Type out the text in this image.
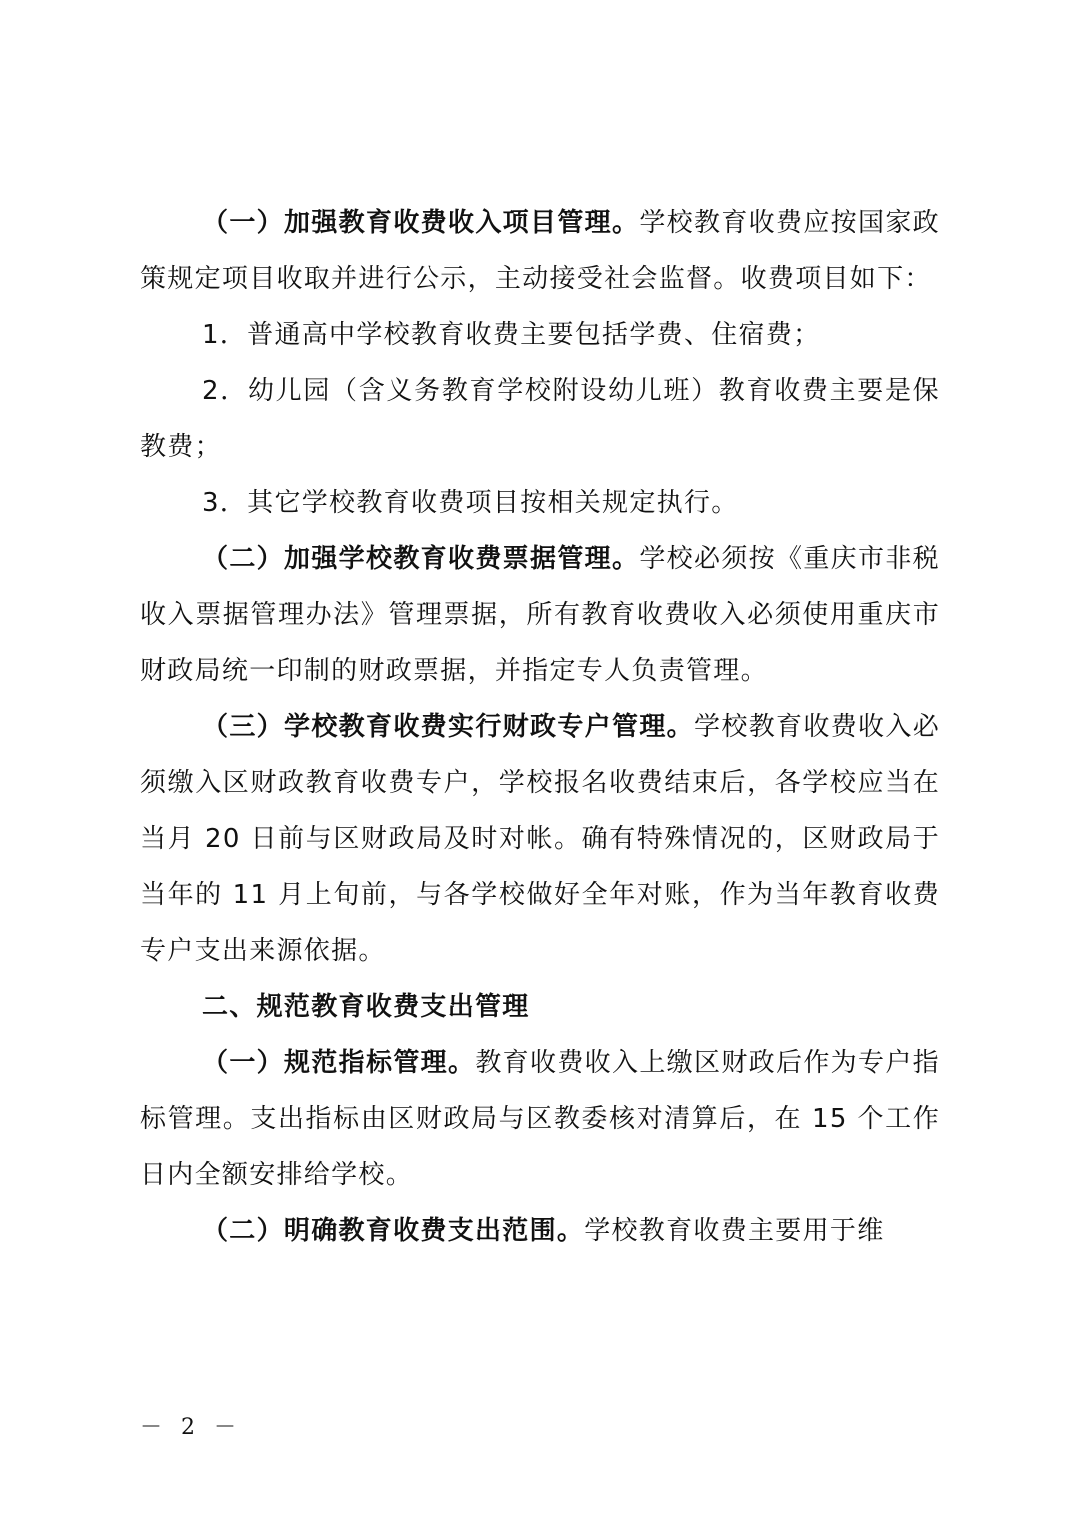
（一）加强教育收费收入项目管理。学校教育收费应按国家政策规定项目收取并进行公示，主动接受社会监督。收费项目如下：

1．普通高中学校教育收费主要包括学费、住宿费；

2．幼儿园（含义务教育学校附设幼儿班）教育收费主要是保教费；

3．其它学校教育收费项目按相关规定执行。

（二）加强学校教育收费票据管理。学校必须按《重庆市非税收入票据管理办法》管理票据，所有教育收费收入必须使用重庆市财政局统一印制的财政票据，并指定专人负责管理。

（三）学校教育收费实行财政专户管理。学校教育收费收入必须缴入区财政教育收费专户，学校报名收费结束后，各学校应当在当月 20 日前与区财政局及时对帐。确有特殊情况的，区财政局于当年的 11 月上旬前，与各学校做好全年对账，作为当年教育收费专户支出来源依据。

二、规范教育收费支出管理

（一）规范指标管理。教育收费收入上缴区财政后作为专户指标管理。支出指标由区财政局与区教委核对清算后，在 15 个工作日内全额安排给学校。

（二）明确教育收费支出范围。学校教育收费主要用于维

－ 2 －
